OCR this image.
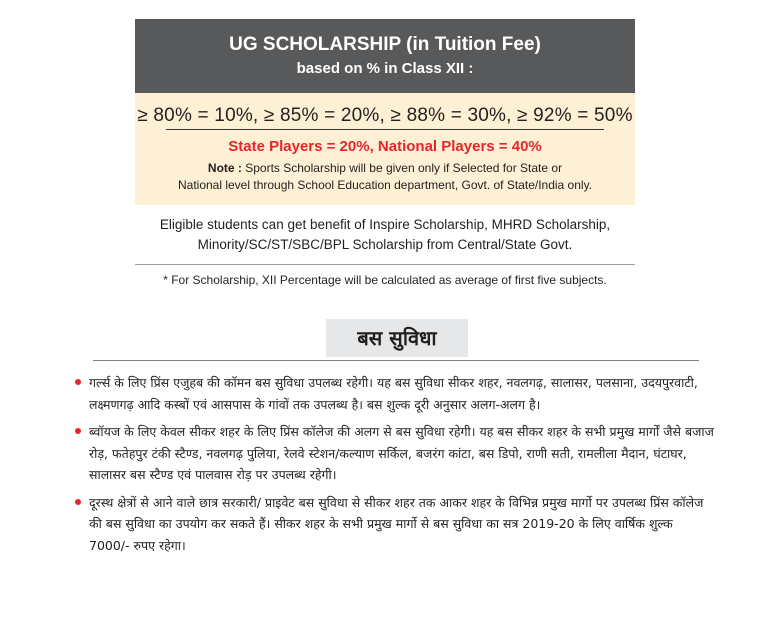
UG SCHOLARSHIP (in Tuition Fee)
based on % in Class XII :
≥ 80% = 10%, ≥ 85% = 20%, ≥ 88% = 30%, ≥ 92% = 50%
State Players = 20%, National Players = 40%
Note : Sports Scholarship will be given only if Selected for State or
National level through School Education department, Govt. of State/India only.
Eligible students can get benefit of Inspire Scholarship, MHRD Scholarship,
Minority/SC/ST/SBC/BPL Scholarship from Central/State Govt.
* For Scholarship, XII Percentage will be calculated as average of first five subjects.
बस सुविधा
गर्ल्स के लिए प्रिंस एजुहब की कॉमन बस सुविधा उपलब्ध रहेगी। यह बस सुविधा सीकर शहर, नवलगढ़, सालासर, पलसाना, उदयपुरवाटी, लक्ष्मणगढ़ आदि कस्बों एवं आसपास के गांवों तक उपलब्ध है। बस शुल्क दूरी अनुसार अलग-अलग है।
ब्वॉयज के लिए केवल सीकर शहर के लिए प्रिंस कॉलेज की अलग से बस सुविधा रहेगी। यह बस सीकर शहर के सभी प्रमुख मार्गों जैसे बजाज रोड़, फतेहपुर टंकी स्टैण्ड, नवलगढ़ पुलिया, रेलवे स्टेशन/कल्याण सर्किल, बजरंग कांटा, बस डिपो, राणी सती, रामलीला मैदान, घंटाघर, सालासर बस स्टैण्ड एवं पालवास रोड़ पर उपलब्ध रहेगी।
दूरस्थ क्षेत्रों से आने वाले छात्र सरकारी/ प्राइवेट बस सुविधा से सीकर शहर तक आकर शहर के विभिन्न प्रमुख मार्गो पर उपलब्ध प्रिंस कॉलेज की बस सुविधा का उपयोग कर सकते हैं। सीकर शहर के सभी प्रमुख मार्गो से बस सुविधा का सत्र 2019-20 के लिए वार्षिक शुल्क 7000/- रुपए रहेगा।
